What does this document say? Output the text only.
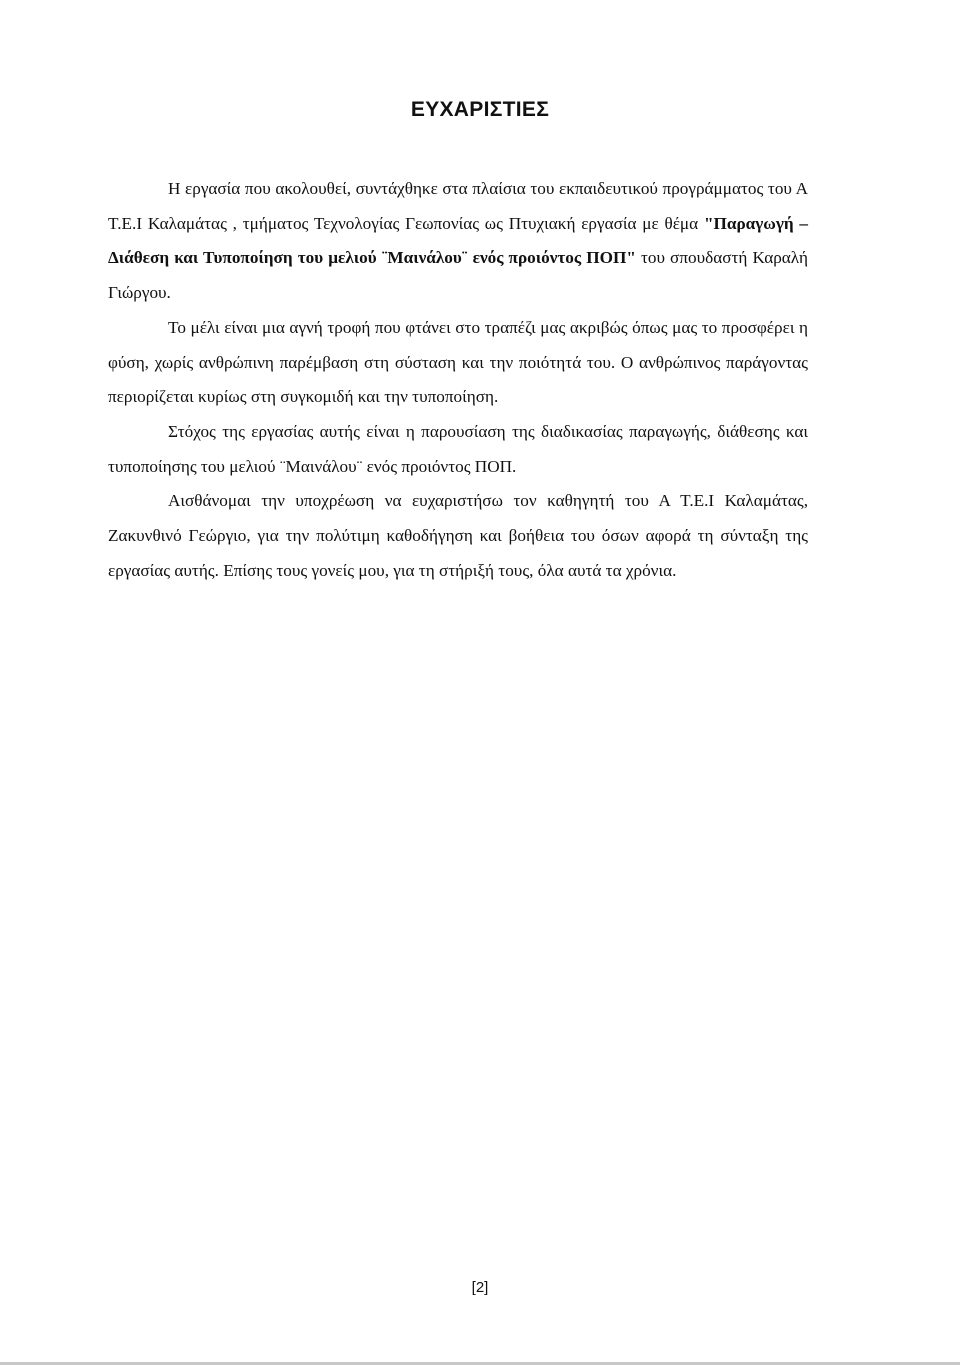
ΕΥΧΑΡΙΣΤΙΕΣ

Η εργασία που ακολουθεί, συντάχθηκε στα πλαίσια του εκπαιδευτικού προγράμματος του Α Τ.Ε.Ι Καλαμάτας , τμήματος Τεχνολογίας Γεωπονίας ως Πτυχιακή εργασία με θέμα "Παραγωγή – Διάθεση και Τυποποίηση του μελιού ¨Μαινάλου¨ ενός προιόντος ΠΟΠ" του σπουδαστή Καραλή Γιώργου.

Το μέλι είναι μια αγνή τροφή που φτάνει στο τραπέζι μας ακριβώς όπως μας το προσφέρει η φύση, χωρίς ανθρώπινη παρέμβαση στη σύσταση και την ποιότητά του. Ο ανθρώπινος παράγοντας περιορίζεται κυρίως στη συγκομιδή και την τυποποίηση.

Στόχος της εργασίας αυτής είναι η παρουσίαση της διαδικασίας παραγωγής, διάθεσης και τυποποίησης του μελιού ¨Μαινάλου¨ ενός προιόντος ΠΟΠ.

Αισθάνομαι την υποχρέωση να ευχαριστήσω τον καθηγητή του Α Τ.Ε.Ι Καλαμάτας, Ζακυνθινό Γεώργιο, για την πολύτιμη καθοδήγηση και βοήθεια του όσων αφορά τη σύνταξη της εργασίας αυτής. Επίσης τους γονείς μου, για τη στήριξή τους, όλα αυτά τα χρόνια.

[2]
